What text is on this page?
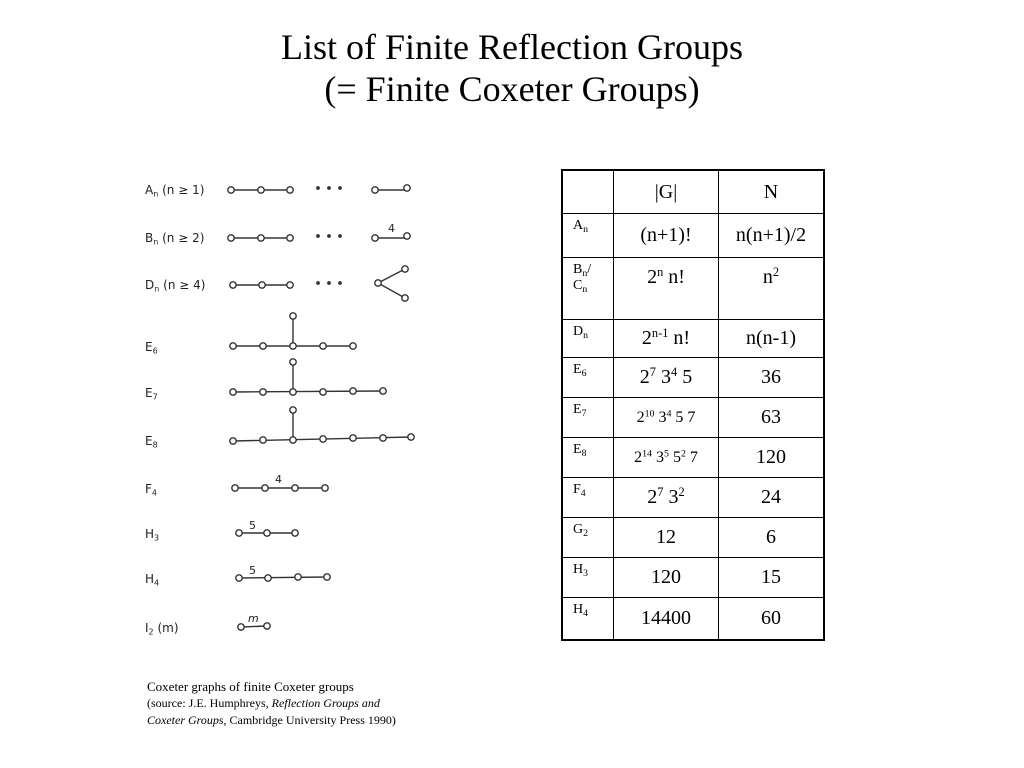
List of Finite Reflection Groups
(= Finite Coxeter Groups)
4
4
5
5
m
$A_n$ (n ≥ 1)
$B_n$ (n ≥ 2)
$D_n$ (n ≥ 4)
$E_6$
$E_7$
$E_8$
$F_4$
$H_3$
$H_4$
$I_2$ (m)
Coxeter graphs of finite Coxeter groups
(source: J.E. Humphreys, Reflection Groups and
Coxeter Groups, Cambridge University Press 1990)
	|G|	N
$A_n$	(n+1)!	n(n+1)/2
$B_n/$
$C_n$	2$^n$ n!	$n^2$
$D_n$	2$^{n-1}$ n!	n(n-1)
$E_6$	$2^7$ $3^4$ 5	36
$E_7$	$2^{10}$ $3^4$ 5 7	63
$E_8$	$2^{14}$ $3^5$ $5^2$ 7	120
$F_4$	$2^7$ $3^2$	24
$G_2$	12	6
$H_3$	120	15
$H_4$	14400	60
